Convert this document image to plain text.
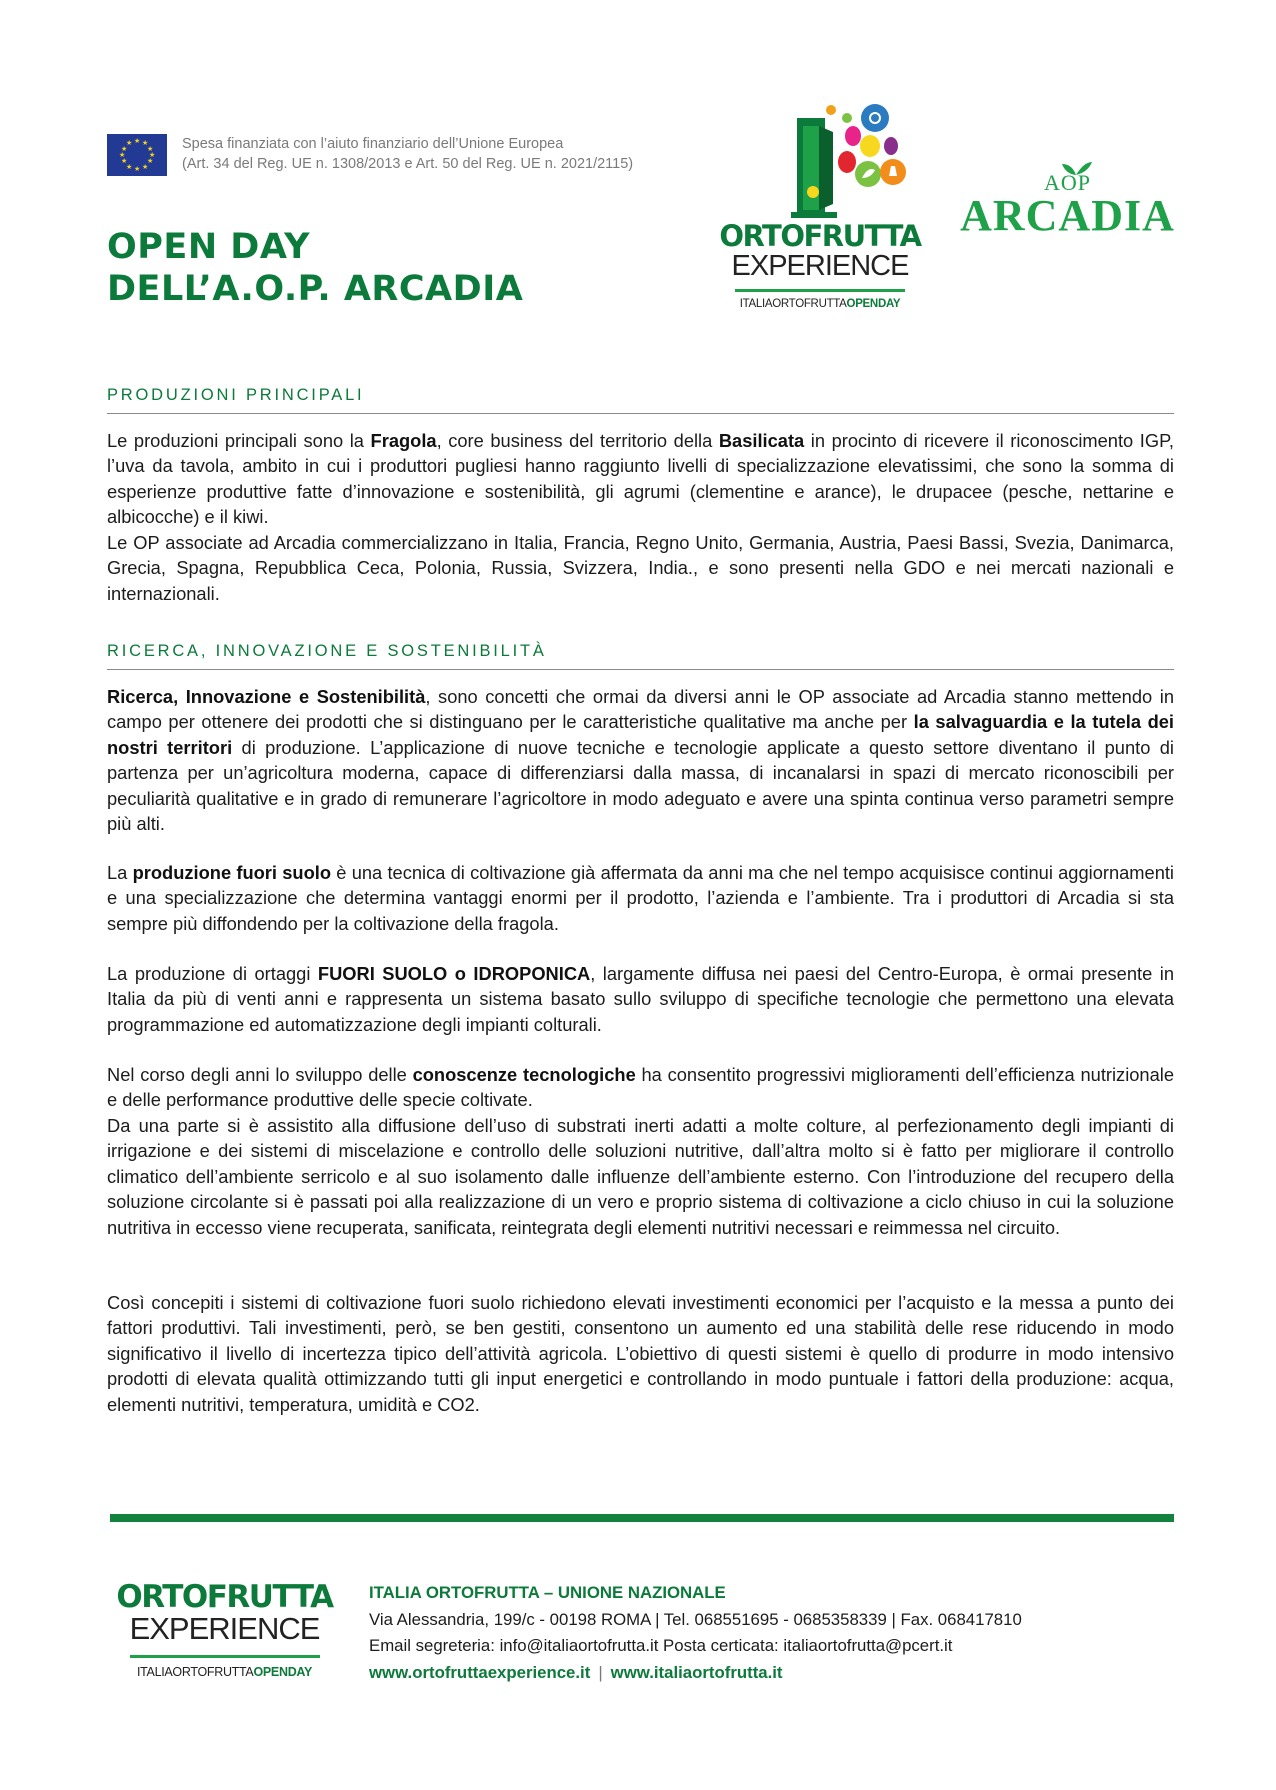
★ ★
★
★
★
★
★
★
★
★
★
★	Spesa finanziata con l’aiuto finanziario dell’Unione Europea
(Art. 34 del Reg. UE n. 1308/2013 e Art. 50 del Reg. UE n. 2021/2115)
OPEN DAY
DELL’A.O.P. ARCADIA
ORTOFRUTTA
EXPERIENCE
ITALIAORTOFRUTTAOPENDAY
AOP
ARCADIA
PRODUZIONI PRINCIPALI
Le produzioni principali sono la Fragola, core business del territorio della Basilicata in procinto di ricevere il riconoscimento IGP, l’uva da tavola, ambito in cui i produttori pugliesi hanno raggiunto livelli di specializzazione elevatissimi, che sono la somma di esperienze produttive fatte d’innovazione e sostenibilità, gli agrumi (clementine e arance), le drupacee (pesche, nettarine e albicocche) e il kiwi.
Le OP associate ad Arcadia commercializzano in Italia, Francia, Regno Unito, Germania, Austria, Paesi Bassi, Svezia, Danimarca, Grecia, Spagna, Repubblica Ceca, Polonia, Russia, Svizzera, India., e sono presenti nella GDO e nei mercati nazionali e internazionali.
RICERCA, INNOVAZIONE E SOSTENIBILITÀ
Ricerca, Innovazione e Sostenibilità, sono concetti che ormai da diversi anni le OP associate ad Arcadia stanno mettendo in campo per ottenere dei prodotti che si distinguano per le caratteristiche qualitative ma anche per la salvaguardia e la tutela dei nostri territori di produzione. L’applicazione di nuove tecniche e tecnologie applicate a questo settore diventano il punto di partenza per un’agricoltura moderna, capace di differenziarsi dalla massa, di incanalarsi in spazi di mercato riconoscibili per peculiarità qualitative e in grado di remunerare l’agricoltore in modo adeguato e avere una spinta continua verso parametri sempre più alti.
La produzione fuori suolo è una tecnica di coltivazione già affermata da anni ma che nel tempo acquisisce continui aggiornamenti e una specializzazione che determina vantaggi enormi per il prodotto, l’azienda e l’ambiente. Tra i produttori di Arcadia si sta sempre più diffondendo per la coltivazione della fragola.
La produzione di ortaggi FUORI SUOLO o IDROPONICA, largamente diffusa nei paesi del Centro-Europa, è ormai presente in Italia da più di venti anni e rappresenta un sistema basato sullo sviluppo di specifiche tecnologie che permettono una elevata programmazione ed automatizzazione degli impianti colturali.
Nel corso degli anni lo sviluppo delle conoscenze tecnologiche ha consentito progressivi miglioramenti dell’efficienza nutrizionale e delle performance produttive delle specie coltivate.
Da una parte si è assistito alla diffusione dell’uso di substrati inerti adatti a molte colture, al perfezionamento degli impianti di irrigazione e dei sistemi di miscelazione e controllo delle soluzioni nutritive, dall’altra molto si è fatto per migliorare il controllo climatico dell’ambiente serricolo e al suo isolamento dalle influenze dell’ambiente esterno. Con l’introduzione del recupero della soluzione circolante si è passati poi alla realizzazione di un vero e proprio sistema di coltivazione a ciclo chiuso in cui la soluzione nutritiva in eccesso viene recuperata, sanificata, reintegrata degli elementi nutritivi necessari e reimmessa nel circuito.
Così concepiti i sistemi di coltivazione fuori suolo richiedono elevati investimenti economici per l’acquisto e la messa a punto dei fattori produttivi. Tali investimenti, però, se ben gestiti, consentono un aumento ed una stabilità delle rese riducendo in modo significativo il livello di incertezza tipico dell’attività agricola. L’obiettivo di questi sistemi è quello di produrre in modo intensivo prodotti di elevata qualità ottimizzando tutti gli input energetici e controllando in modo puntuale i fattori della produzione: acqua, elementi nutritivi, temperatura, umidità e CO2.
ORTOFRUTTA
EXPERIENCE
ITALIAORTOFRUTTAOPENDAY
ITALIA ORTOFRUTTA – UNIONE NAZIONALE
Via Alessandria, 199/c - 00198 ROMA | Tel. 068551695 - 0685358339 | Fax. 068417810
Email segreteria: info@italiaortofrutta.it Posta certicata: italiaortofrutta@pcert.it
www.ortofruttaexperience.it | www.italiaortofrutta.it
